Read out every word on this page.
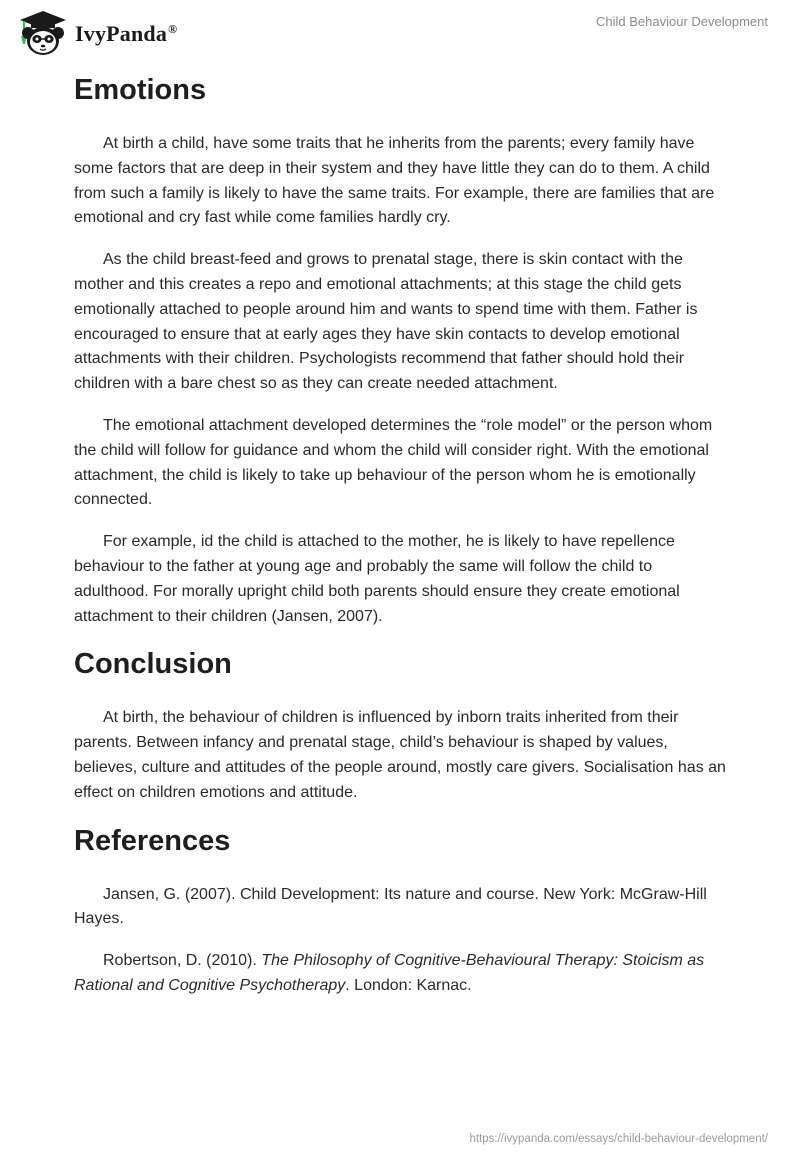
IvyPanda®	Child Behaviour Development
Emotions

At birth a child, have some traits that he inherits from the parents; every family have some factors that are deep in their system and they have little they can do to them. A child from such a family is likely to have the same traits. For example, there are families that are emotional and cry fast while come families hardly cry.

As the child breast-feed and grows to prenatal stage, there is skin contact with the mother and this creates a repo and emotional attachments; at this stage the child gets emotionally attached to people around him and wants to spend time with them. Father is encouraged to ensure that at early ages they have skin contacts to develop emotional attachments with their children. Psychologists recommend that father should hold their children with a bare chest so as they can create needed attachment.

The emotional attachment developed determines the “role model” or the person whom the child will follow for guidance and whom the child will consider right. With the emotional attachment, the child is likely to take up behaviour of the person whom he is emotionally connected.

For example, id the child is attached to the mother, he is likely to have repellence behaviour to the father at young age and probably the same will follow the child to adulthood. For morally upright child both parents should ensure they create emotional attachment to their children (Jansen, 2007).

Conclusion

At birth, the behaviour of children is influenced by inborn traits inherited from their parents. Between infancy and prenatal stage, child’s behaviour is shaped by values, believes, culture and attitudes of the people around, mostly care givers. Socialisation has an effect on children emotions and attitude.

References

Jansen, G. (2007). Child Development: Its nature and course. New York: McGraw-Hill Hayes.

Robertson, D. (2010). The Philosophy of Cognitive-Behavioural Therapy: Stoicism as Rational and Cognitive Psychotherapy. London: Karnac.

https://ivypanda.com/essays/child-behaviour-development/
